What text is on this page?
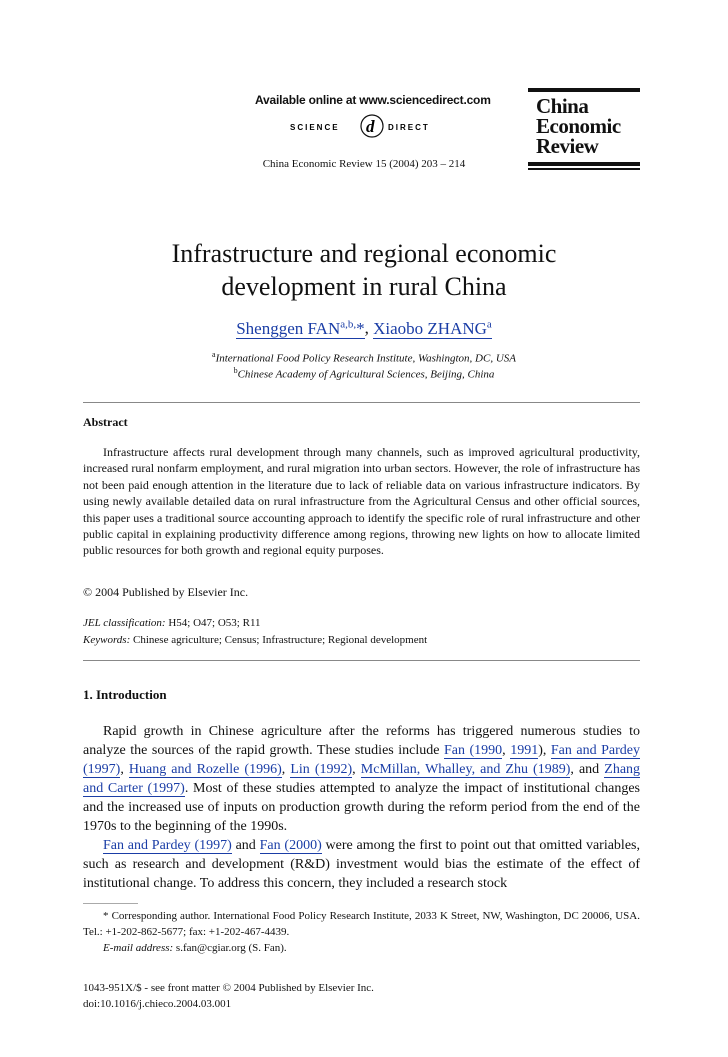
Available online at www.sciencedirect.com
SCIENCE d DIRECT
China Economic Review 15 (2004) 203 – 214
China
Economic
Review
Infrastructure and regional economic
development in rural China
Shenggen $FAN^{a,b,}*$, Xiaobo ZHANG$^a$
$^a$International Food Policy Research Institute, Washington, DC, USA
$^b$Chinese Academy of Agricultural Sciences, Beijing, China
Abstract

Infrastructure affects rural development through many channels, such as improved agricultural productivity, increased rural nonfarm employment, and rural migration into urban sectors. However, the role of infrastructure has not been paid enough attention in the literature due to lack of reliable data on various infrastructure indicators. By using newly available detailed data on rural infrastructure from the Agricultural Census and other official sources, this paper uses a traditional source accounting approach to identify the specific role of rural infrastructure and other public capital in explaining productivity difference among regions, throwing new lights on how to allocate limited public resources for both growth and regional equity purposes.

© 2004 Published by Elsevier Inc.
JEL classification: H54; O47; O53; R11
Keywords: Chinese agriculture; Census; Infrastructure; Regional development
1. Introduction

Rapid growth in Chinese agriculture after the reforms has triggered numerous studies to analyze the sources of the rapid growth. These studies include Fan (1990, 1991), Fan and Pardey (1997), Huang and Rozelle (1996), Lin (1992), McMillan, Whalley, and Zhu (1989), and Zhang and Carter (1997). Most of these studies attempted to analyze the impact of institutional changes and the increased use of inputs on production growth during the reform period from the end of the 1970s to the beginning of the 1990s.

Fan and Pardey (1997) and Fan (2000) were among the first to point out that omitted variables, such as research and development (R&D) investment would bias the estimate of the effect of institutional change. To address this concern, they included a research stock

* Corresponding author. International Food Policy Research Institute, 2033 K Street, NW, Washington, DC 20006, USA. Tel.: +1-202-862-5677; fax: +1-202-467-4439.

E-mail address: s.fan@cgiar.org (S. Fan).

1043-951X/$ - see front matter © 2004 Published by Elsevier Inc.
doi:10.1016/j.chieco.2004.03.001
